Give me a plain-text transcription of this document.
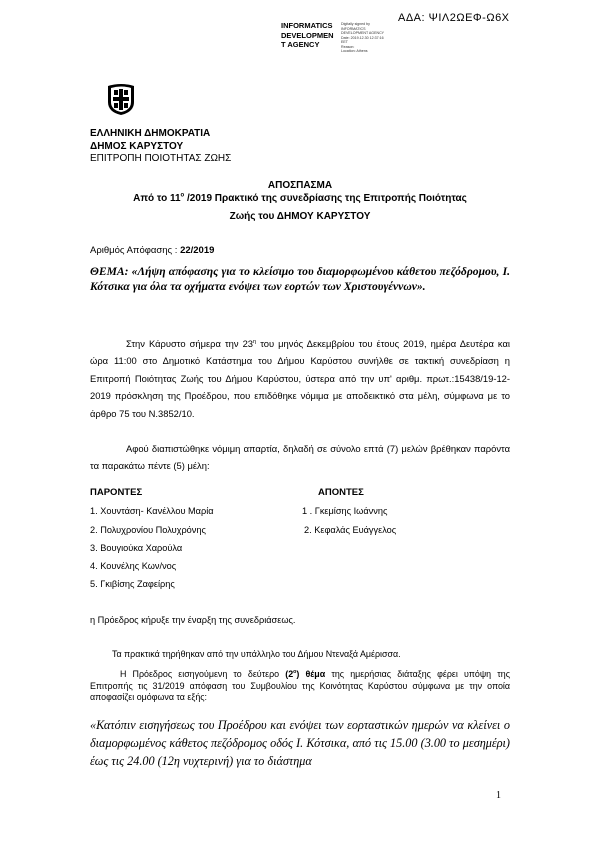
ΑΔΑ: ΨΙΛ2ΩΕΦ-Ω6Χ
INFORMATICS
DEVELOPMEN
T AGENCY
Digitally signed by
INFORMATICS
DEVELOPMENT AGENCY
Date: 2019.12.30 12:37:16
EET
Reason:
Location: Athens
ΕΛΛΗΝΙΚΗ ΔΗΜΟΚΡΑΤΙΑ
ΔΗΜΟΣ ΚΑΡΥΣΤΟΥ
ΕΠΙΤΡΟΠΗ ΠΟΙΟΤΗΤΑΣ ΖΩΗΣ
ΑΠΟΣΠΑΣΜΑ
Από το $11^o$ /2019 Πρακτικό της συνεδρίασης της Επιτροπής Ποιότητας
Ζωής του ΔΗΜΟΥ ΚΑΡΥΣΤΟΥ
Αριθμός Απόφασης : 22/2019
ΘΕΜΑ: «Λήψη απόφασης για το κλείσιμο του διαμορφωμένου κάθετου πεζόδρομου, Ι. Κότσικα για όλα τα οχήματα ενόψει των εορτών των Χριστουγέννων».
Στην Κάρυστο σήμερα την $23^\eta$ του μηνός Δεκεμβρίου του έτους 2019, ημέρα Δευτέρα και ώρα 11:00 στο Δημοτικό Κατάστημα του Δήμου Καρύστου συνήλθε σε τακτική συνεδρίαση η Επιτροπή Ποιότητας Ζωής του Δήμου Καρύστου, ύστερα από την υπ' αριθμ. πρωτ.:15438/19-12-2019 πρόσκληση της Προέδρου, που επιδόθηκε νόμιμα με αποδεικτικό στα μέλη, σύμφωνα με το άρθρο 75 του Ν.3852/10.
Αφού διαπιστώθηκε νόμιμη απαρτία, δηλαδή σε σύνολο επτά (7) μελών βρέθηκαν παρόντα τα παρακάτω πέντε (5) μέλη:
ΠΑΡΟΝΤΕΣ	ΑΠΟΝΤΕΣ
1. Χουντάση- Κανέλλου Μαρία
2. Πολυχρονίου Πολυχρόνης
3. Βουγιούκα Χαρούλα
4. Κουνέλης Κων/νος
5. Γκιβίσης Ζαφείρης
1 . Γκεμίσης Ιωάννης
2. Κεφαλάς Ευάγγελος
η Πρόεδρος κήρυξε την έναρξη της συνεδριάσεως.
Τα πρακτικά τηρήθηκαν από την υπάλληλο του Δήμου Ντεναξά Αμέρισσα.
Η Πρόεδρος εισηγούμενη το δεύτερο $(2^o)$ θέμα της ημερήσιας διάταξης φέρει υπόψη της Επιτροπής τις 31/2019 απόφαση του Συμβουλίου της Κοινότητας Καρύστου σύμφωνα με την οποία αποφασίζει ομόφωνα τα εξής:
«Κατόπιν εισηγήσεως του Προέδρου και ενόψει των εορταστικών ημερών να κλείνει ο διαμορφωμένος κάθετος πεζόδρομος οδός Ι. Κότσικα, από τις 15.00 (3.00 το μεσημέρι) έως τις 24.00 (12η νυχτερινή) για το διάστημα
1
